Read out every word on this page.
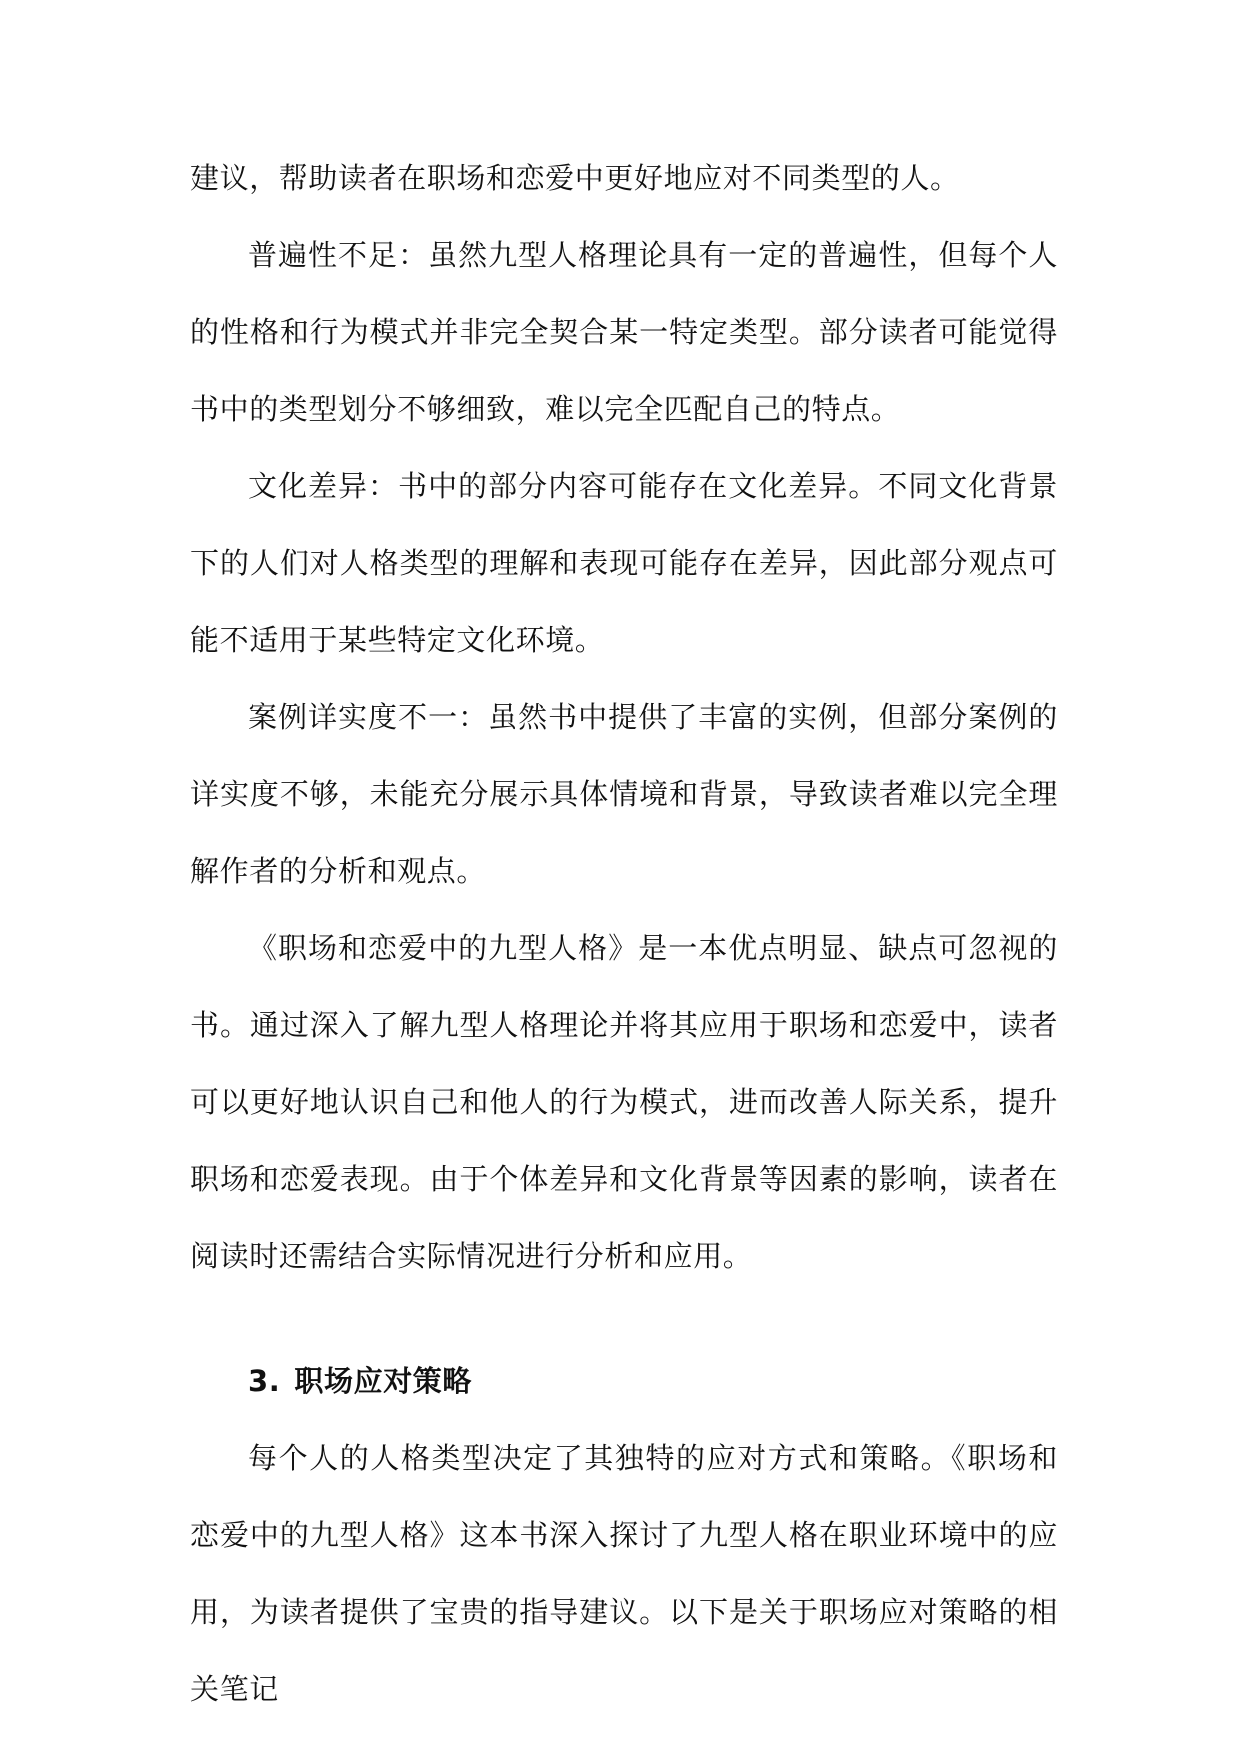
建议，帮助读者在职场和恋爱中更好地应对不同类型的人。

普遍性不足：虽然九型人格理论具有一定的普遍性，但每个人的性格和行为模式并非完全契合某一特定类型。部分读者可能觉得书中的类型划分不够细致，难以完全匹配自己的特点。

文化差异：书中的部分内容可能存在文化差异。不同文化背景下的人们对人格类型的理解和表现可能存在差异，因此部分观点可能不适用于某些特定文化环境。

案例详实度不一：虽然书中提供了丰富的实例，但部分案例的详实度不够，未能充分展示具体情境和背景，导致读者难以完全理解作者的分析和观点。

《职场和恋爱中的九型人格》是一本优点明显、缺点可忽视的书。通过深入了解九型人格理论并将其应用于职场和恋爱中，读者可以更好地认识自己和他人的行为模式，进而改善人际关系，提升职场和恋爱表现。由于个体差异和文化背景等因素的影响，读者在阅读时还需结合实际情况进行分析和应用。

3. 职场应对策略

每个人的人格类型决定了其独特的应对方式和策略。《职场和恋爱中的九型人格》这本书深入探讨了九型人格在职业环境中的应用，为读者提供了宝贵的指导建议。以下是关于职场应对策略的相关笔记
